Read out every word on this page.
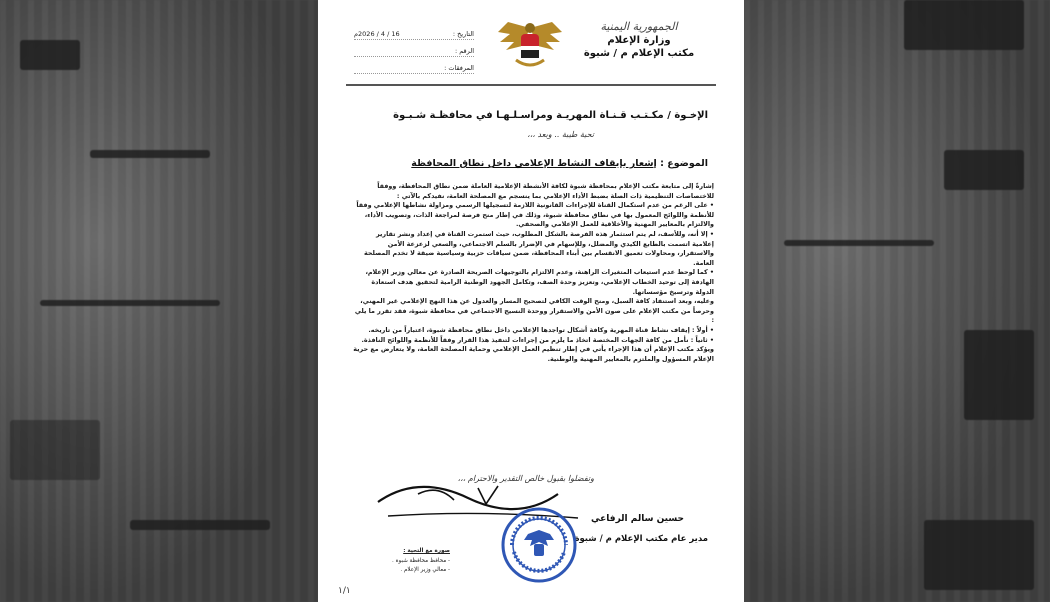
الجمهورية اليمنية
وزارة الإعلام
مكتب الإعلام م / شبوة
التاريخ :
16 / 4 / 2026م
الرقم :
المرفقات :
الإخـوة / مكـتـب قـنـاة المهريـة ومراسـلـهـا في محافظـة شـبـوة
تحية طيبة .. وبعد ،،،
الموضوع : إشعار بإيقاف النشاط الإعلامي داخل نطاق المحافظة

إشارةً إلى متابعة مكتب الإعلام بمحافظة شبوة لكافة الأنشطة الإعلامية العاملة ضمن نطاق المحافظة، ووفقاً للاختصاصات التنظيمية ذات الصلة بضبط الأداء الإعلامي بما ينسجم مع المصلحة العامة، نفيدكم بالآتي :

• على الرغم من عدم استكمال القناة للإجراءات القانونية اللازمة لتسجيلها الرسمي ومزاولة نشاطها الإعلامي وفقاً للأنظمة واللوائح المعمول بها في نطاق محافظة شبوة، وذلك في إطار منح فرصة لمراجعة الذات، وتصويب الأداء، والالتزام بالمعايير المهنية والأخلاقية للعمل الإعلامي والصحفي.

• إلا أنه، وللأسف، لم يتم استثمار هذه الفرصة بالشكل المطلوب، حيث استمرت القناة في إعداد ونشر تقارير إعلامية اتسمت بالطابع الكيدي والمضلل، وللإسهام في الإضرار بالسلم الاجتماعي، والسعي لزعزعة الأمن والاستقرار، ومحاولات تعميق الانقسام بين أبناء المحافظة، ضمن سياقات حزبية وسياسية ضيقة لا تخدم المصلحة العامة.

• كما لوحظ عدم استيعاب المتغيرات الراهنة، وعدم الالتزام بالتوجيهات الصريحة الصادرة عن معالي وزير الإعلام، الهادفة إلى توحيد الخطاب الإعلامي، وتعزيز وحدة الصف، وتكامل الجهود الوطنية الرامية لتحقيق هدف استعادة الدولة وترسيخ مؤسساتها.

وعليه، وبعد استنفاد كافة السبل، ومنح الوقت الكافي لتصحيح المسار والعدول عن هذا النهج الإعلامي غير المهني، وحرصاً من مكتب الإعلام على صون الأمن والاستقرار ووحدة النسيج الاجتماعي في محافظة شبوة، فقد تقرر ما يلي :

• أولاً : إيقاف نشاط قناة المهرية وكافة أشكال تواجدها الإعلامي داخل نطاق محافظة شبوة، اعتباراً من تاريخه.

• ثانياً : نأمل من كافة الجهات المختصة اتخاذ ما يلزم من إجراءات لتنفيذ هذا القرار وفقاً للأنظمة واللوائح النافذة.

ويؤكد مكتب الإعلام أن هذا الإجراء يأتي في إطار تنظيم العمل الإعلامي وحماية المصلحة العامة، ولا يتعارض مع حرية الإعلام المسؤول والملتزم بالمعايير المهنية والوطنية.

وتفضلوا بقبول خالص التقدير والاحترام ،،،
حسين سالم الرفاعي
مدير عام مكتب الإعلام م / شبوة
صورة مع التحية :
- محافظ محافظة شبوة .
- معالي وزير الإعلام .
١/١
